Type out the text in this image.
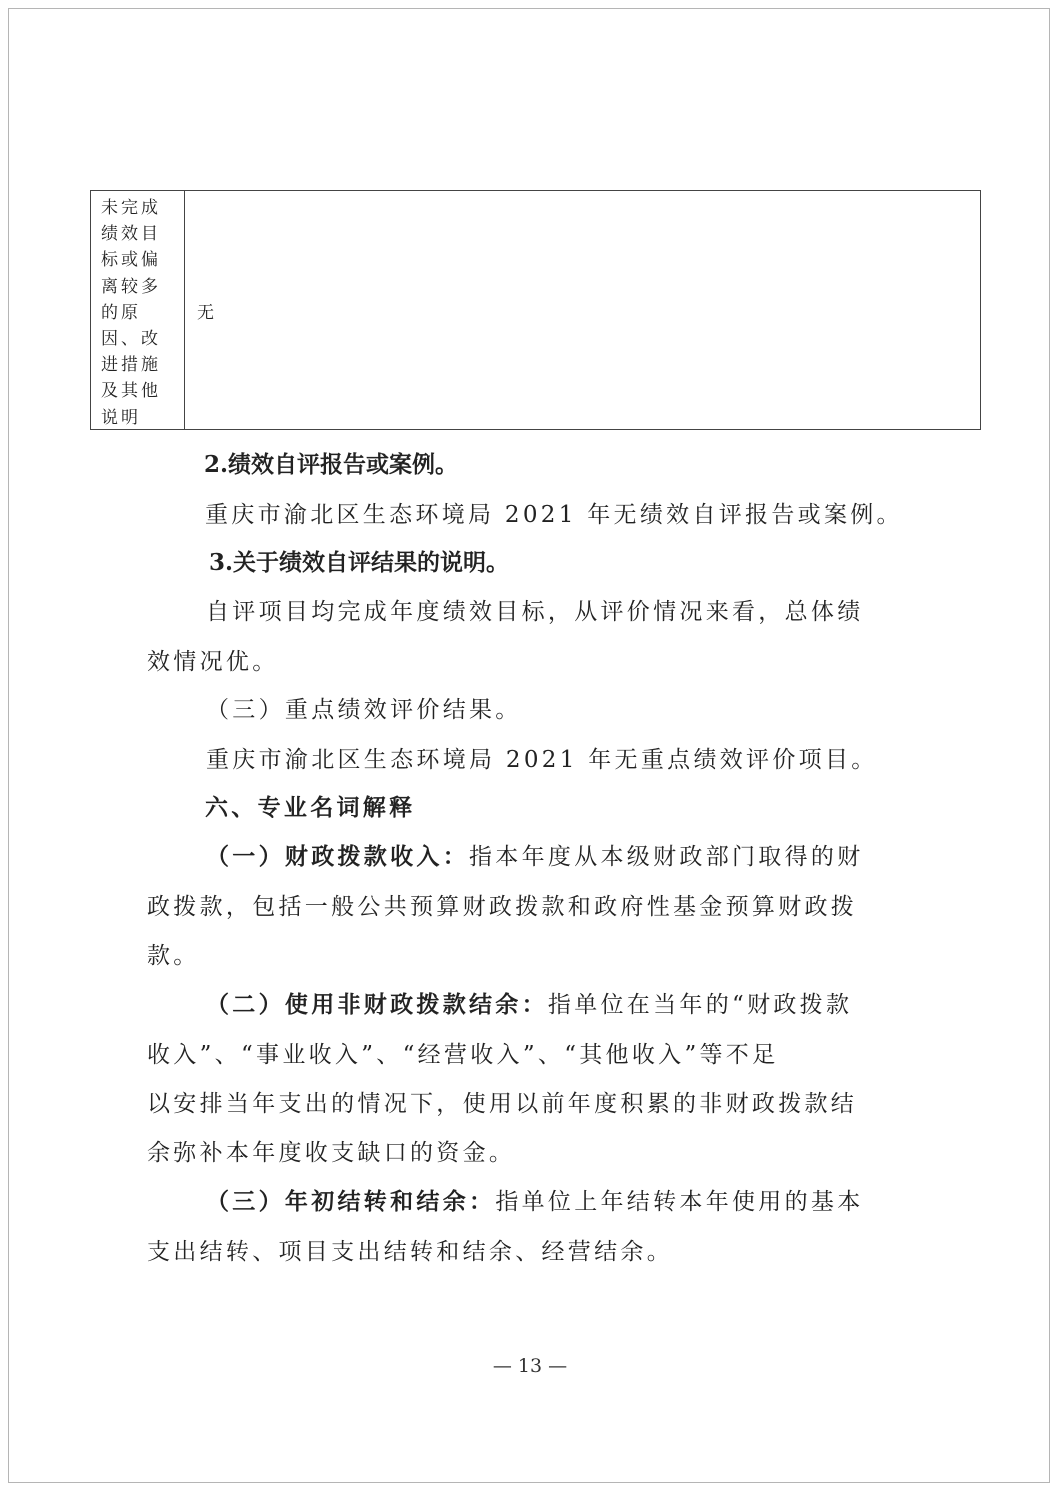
未完成
绩效目
标或偏
离较多
的原
因、改
进措施
及其他
说明
无
2.绩效自评报告或案例。
重庆市渝北区生态环境局 2021 年无绩效自评报告或案例。
3.关于绩效自评结果的说明。
自评项目均完成年度绩效目标，从评价情况来看，总体绩
效情况优。
（三）重点绩效评价结果。
重庆市渝北区生态环境局 2021 年无重点绩效评价项目。
六、专业名词解释
（一）财政拨款收入：指本年度从本级财政部门取得的财
政拨款，包括一般公共预算财政拨款和政府性基金预算财政拨
款。
（二）使用非财政拨款结余：指单位在当年的“财政拨款
收入”、“事业收入”、“经营收入”、“其他收入”等不足
以安排当年支出的情况下，使用以前年度积累的非财政拨款结
余弥补本年度收支缺口的资金。
（三）年初结转和结余：指单位上年结转本年使用的基本
支出结转、项目支出结转和结余、经营结余。
— 13 —
